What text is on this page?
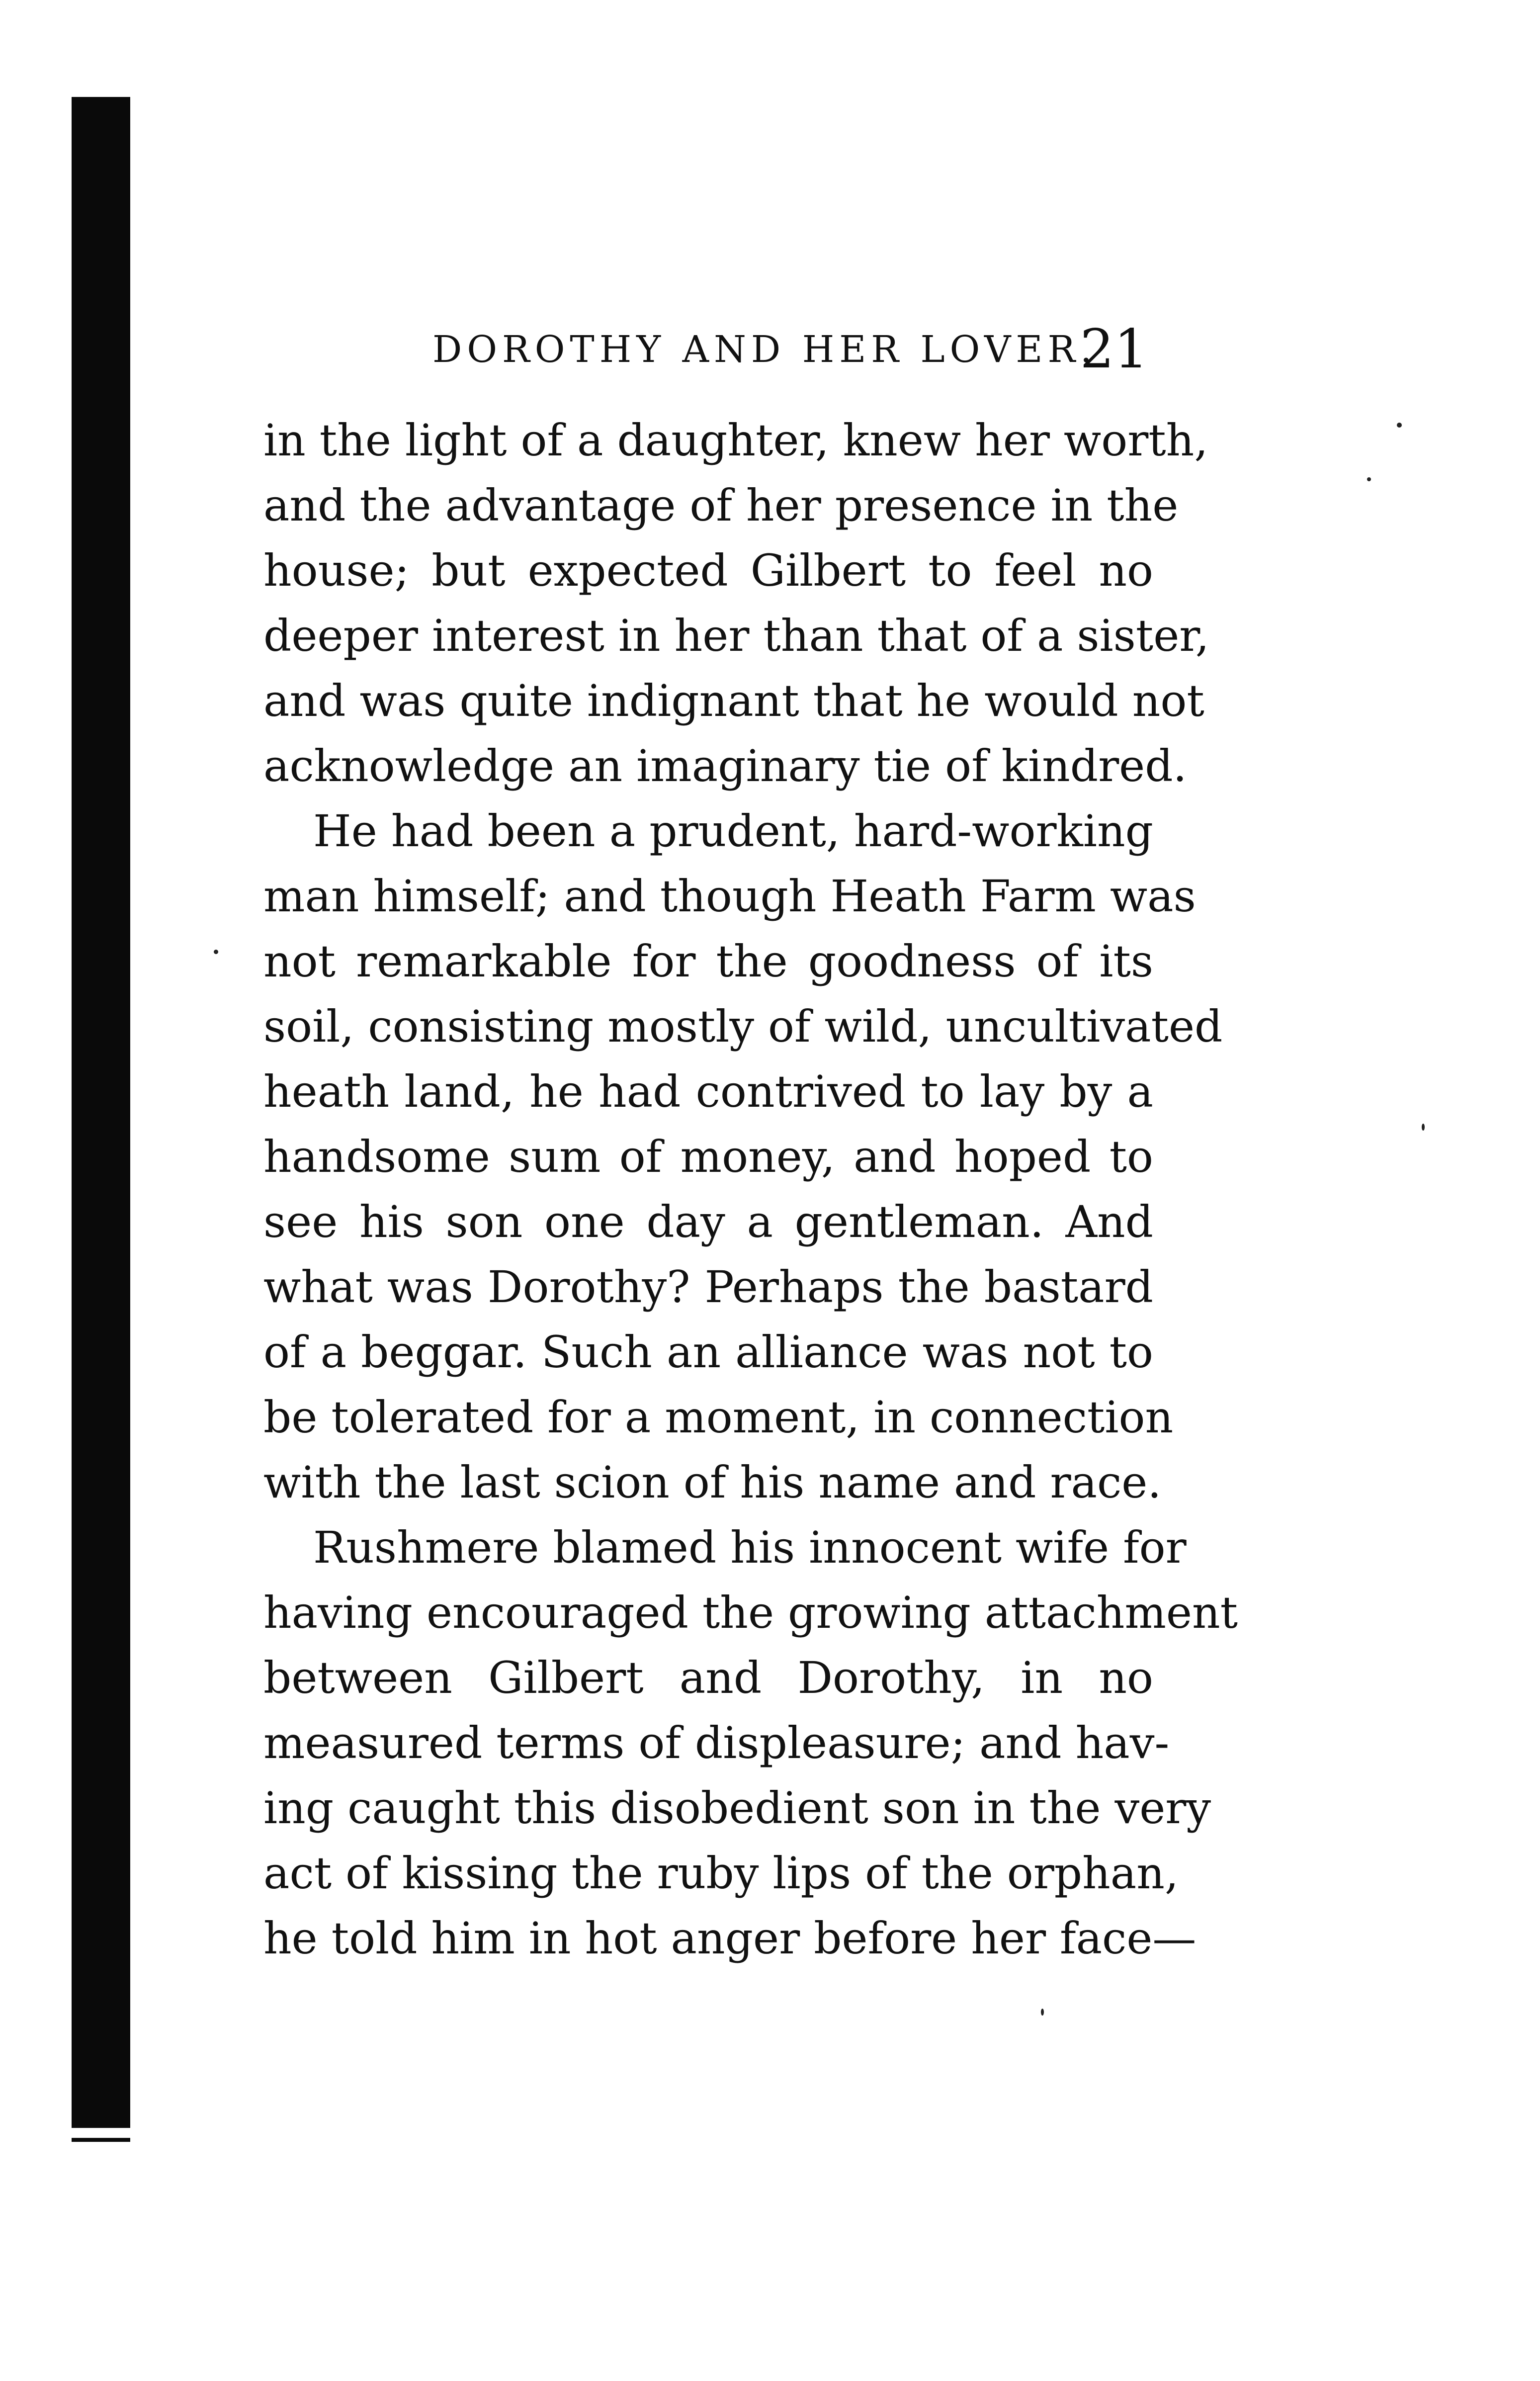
DOROTHY AND HER LOVER.
21
in the light of a daughter, knew her worth,
and the advantage of her presence in the
house; but expected Gilbert to feel no
deeper interest in her than that of a sister,
and was quite indignant that he would not
acknowledge an imaginary tie of kindred.
He had been a prudent, hard-working
man himself; and though Heath Farm was
not remarkable for the goodness of its
soil, consisting mostly of wild, uncultivated
heath land, he had contrived to lay by a
handsome sum of money, and hoped to
see his son one day a gentleman. And
what was Dorothy? Perhaps the bastard
of a beggar. Such an alliance was not to
be tolerated for a moment, in connection
with the last scion of his name and race.
Rushmere blamed his innocent wife for
having encouraged the growing attachment
between Gilbert and Dorothy, in no
measured terms of displeasure; and hav-
ing caught this disobedient son in the very
act of kissing the ruby lips of the orphan,
he told him in hot anger before her face—
